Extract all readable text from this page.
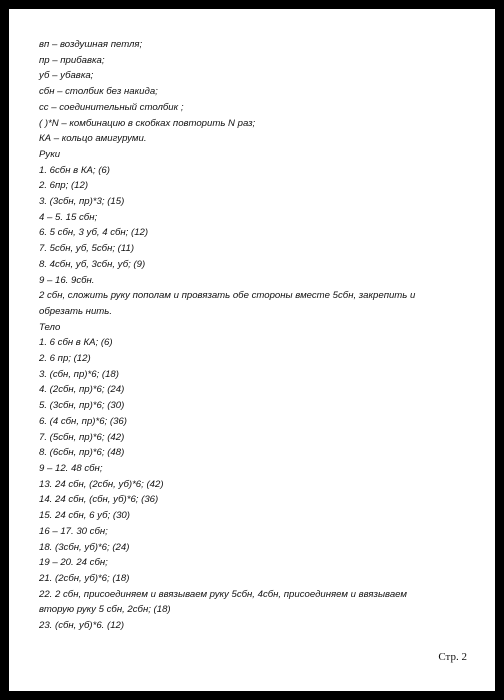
вп – воздушная петля;
пр – прибавка;
уб – убавка;
сбн – столбик без накида;
сс – соединительный столбик ;
( )*N – комбинацию в скобках повторить N раз;
КА – кольцо амигуруми.
Руки
1. 6сбн в КА; (6)
2. 6пр; (12)
3. (3сбн, пр)*3; (15)
4 – 5. 15 сбн;
6. 5 сбн, 3 уб, 4 сбн; (12)
7. 5сбн, уб, 5сбн; (11)
8. 4сбн, уб, 3сбн, уб; (9)
9 – 16. 9сбн.
2 сбн, сложить руку пополам и провязать обе стороны вместе 5сбн, закрепить и
обрезать нить.
Тело
1. 6 сбн в КА; (6)
2. 6 пр; (12)
3. (сбн, пр)*6; (18)
4. (2сбн, пр)*6; (24)
5. (3сбн, пр)*6; (30)
6. (4 сбн, пр)*6; (36)
7. (5сбн, пр)*6; (42)
8. (6сбн, пр)*6; (48)
9 – 12. 48 сбн;
13. 24 сбн, (2сбн, уб)*6; (42)
14. 24 сбн, (сбн, уб)*6; (36)
15. 24 сбн, 6 уб; (30)
16 – 17. 30 сбн;
18. (3сбн, уб)*6; (24)
19 – 20. 24 сбн;
21. (2сбн, уб)*6; (18)
22. 2 сбн, присоединяем и ввязываем руку 5сбн, 4сбн, присоединяем и ввязываем
вторую руку 5 сбн, 2сбн; (18)
23. (сбн, уб)*6. (12)
Стр. 2
